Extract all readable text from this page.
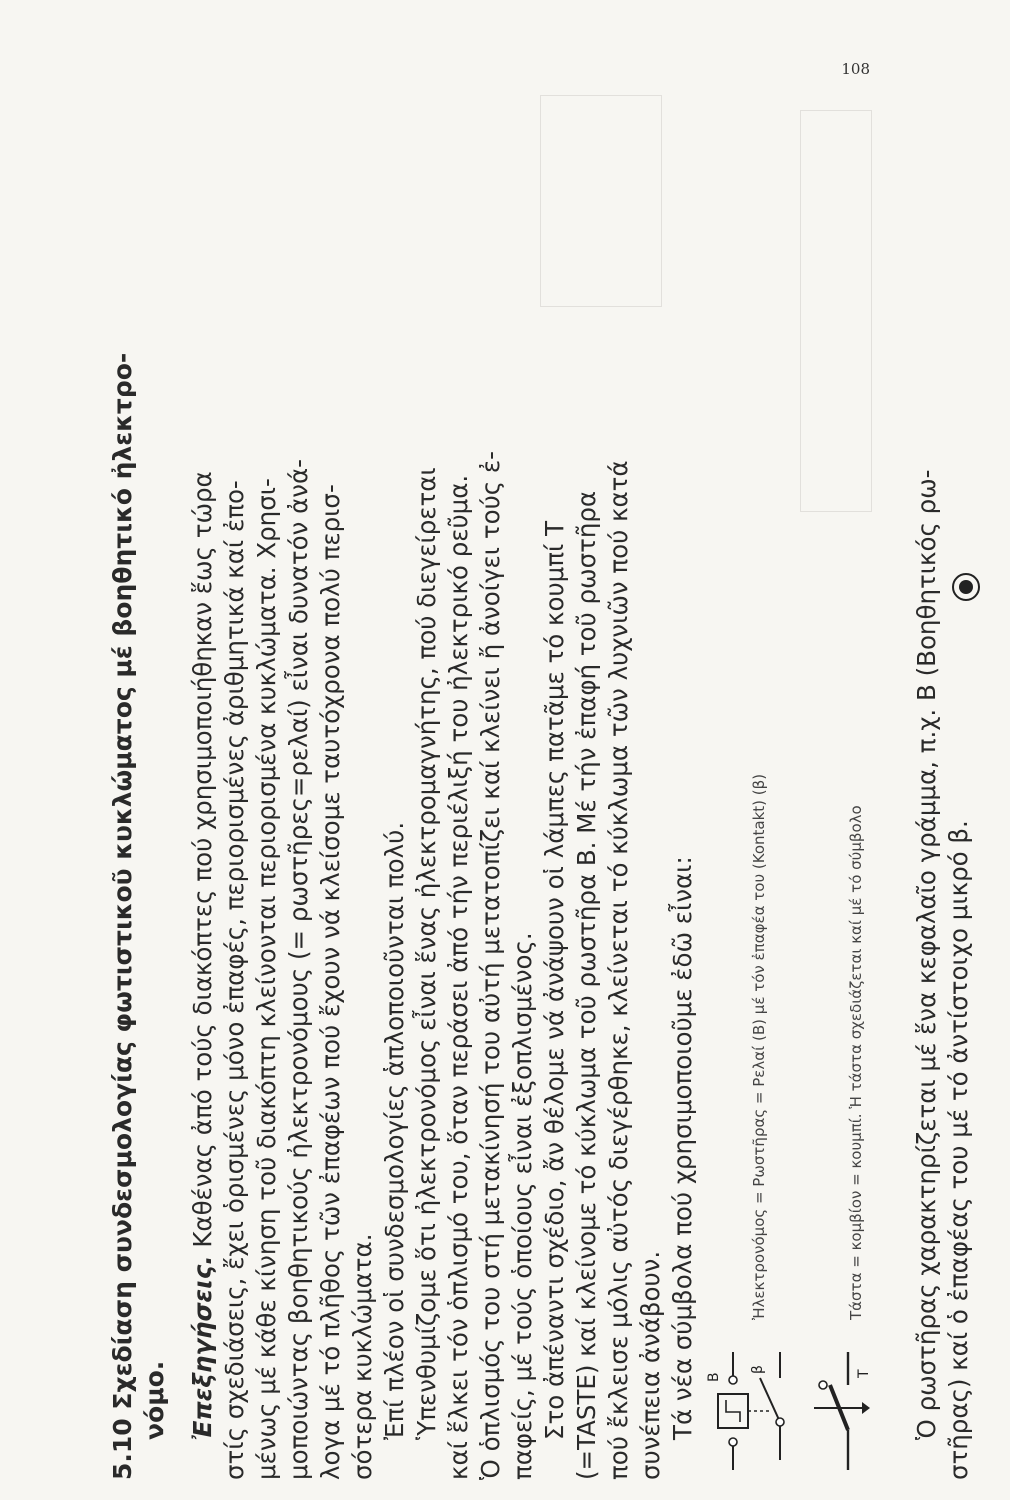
108
5.10 Σχεδίαση συνδεσμολογίας φωτιστικοῦ κυκλώματος μέ βοηθητικό ἠλεκτρο- νόμο. Ἐπεξηγήσεις. Καθένας ἀπό τούς διακόπτες πού χρησιμοποιήθηκαν ἕως τώρα στίς σχεδιάσεις, ἔχει ὁρισμένες μόνο ἐπαφές, περιορισμένες ἀριθμητικά καί ἐπο- μένως μέ κάθε κίνηση τοῦ διακόπτη κλείνονται περιορισμένα κυκλώματα. Χρησι- μοποιώντας βοηθητικούς ἠλεκτρονόμους (= ρωστῆρες=ρελαί) εἶναι δυνατόν ἀνά- λογα μέ τό πλῆθος τῶν ἐπαφέων πού ἔχουν νά κλείσομε ταυτόχρονα πολύ περισ- σότερα κυκλώματα. Ἐπί πλέον οἱ συνδεσμολογίες ἁπλοποιοῦνται πολύ. Ὑπενθυμίζομε ὅτι ἠλεκτρονόμος εἶναι ἕνας ἠλεκτρομαγνήτης, πού διεγείρεται καί ἕλκει τόν ὁπλισμό του, ὅταν περάσει ἀπό τήν περιέλιξή του ἠλεκτρικό ρεῦμα. Ὁ ὁπλισμός του στή μετακίνησή του αὐτή μετατοπίζει καί κλείνει ἤ ἀνοίγει τούς ἐ- παφείς, μέ τούς ὁποίους εἶναι ἐξοπλισμένος. Στο ἀπέναντι σχέδιο, ἄν θέλομε νά ἀνάψουν οἱ λάμπες πατᾶμε τό κουμπί Τ (=TASTE) καί κλείνομε τό κύκλωμα τοῦ ρωστῆρα Β. Μέ τήν ἐπαφή τοῦ ρωστῆρα πού ἔκλεισε μόλις αὐτός διεγέρθηκε, κλείνεται τό κύκλωμα τῶν λυχνιῶν πού κατά συνέπεια ἀνάβουν. Τά νέα σύμβολα πού χρησιμοποιοῦμε ἐδῶ εἶναι: Β
β
Ἠλεκτρονόμος = Ρωστῆρας = Ρελαί (Β) μέ τόν ἐπαφέα του (Kontakt) (β)
Τ
Τάστα = κομβίον = κουμπί. Ἡ τάστα σχεδιάζεται καί μέ τό σύμβολο Ὁ ρωστῆρας χαρακτηρίζεται μέ ἕνα κεφαλαῖο γράμμα, π.χ. Β (Βοηθητικός ρω- στῆρας) καί ὁ ἐπαφέας του μέ τό ἀντίστοιχο μικρό β.
